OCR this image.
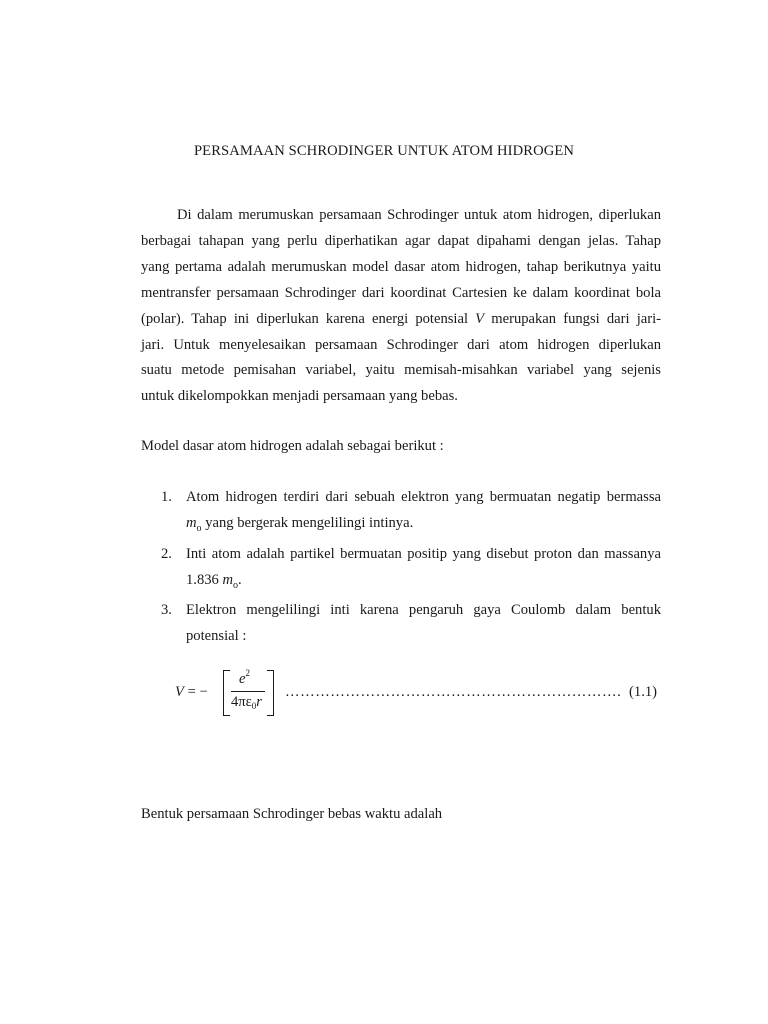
PERSAMAAN SCHRODINGER UNTUK ATOM HIDROGEN
Di dalam merumuskan persamaan Schrodinger untuk atom hidrogen, diperlukan
berbagai tahapan yang perlu diperhatikan agar dapat dipahami dengan jelas. Tahap
yang pertama adalah merumuskan model dasar atom hidrogen, tahap berikutnya yaitu
mentransfer persamaan Schrodinger dari koordinat Cartesien ke dalam koordinat bola
(polar). Tahap ini diperlukan karena energi potensial V merupakan fungsi dari jari-
jari. Untuk menyelesaikan persamaan Schrodinger dari atom hidrogen diperlukan
suatu metode pemisahan variabel, yaitu memisah-misahkan variabel yang sejenis
untuk dikelompokkan menjadi persamaan yang bebas.
Model dasar atom hidrogen adalah sebagai berikut :
1. Atom hidrogen terdiri dari sebuah elektron yang bermuatan negatip bermassa
$m_o$ yang bergerak mengelilingi intinya.
2. Inti atom adalah partikel bermuatan positip yang disebut proton dan massanya
1.836 $m_o$.
3. Elektron mengelilingi inti karena pengaruh gaya Coulomb dalam bentuk
potensial :
V = −
$e^2$
$4\pi\varepsilon_0r$
…………………………………………………………. (1.1)
Bentuk persamaan Schrodinger bebas waktu adalah
